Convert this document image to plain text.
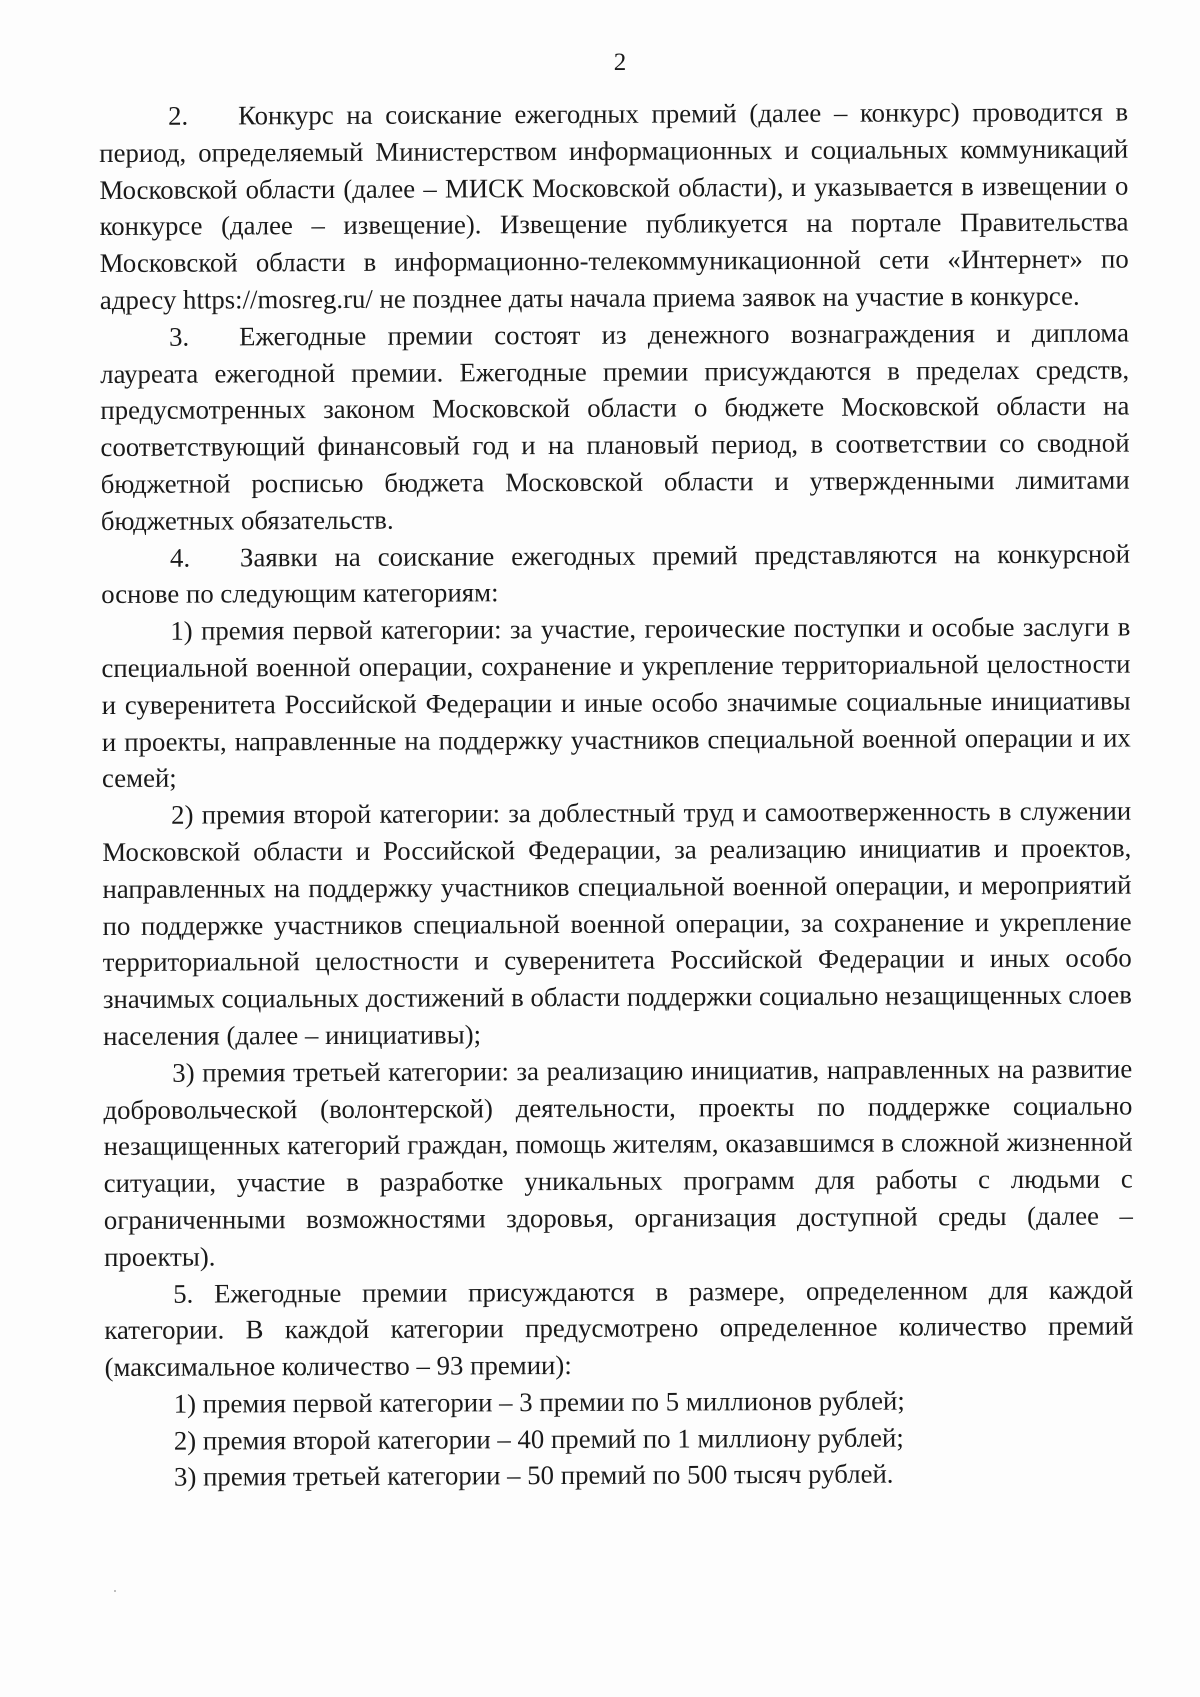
2

2. Конкурс на соискание ежегодных премий (далее – конкурс) проводится в период, определяемый Министерством информационных и социальных коммуникаций Московской области (далее – МИСК Московской области), и указывается в извещении о конкурсе (далее – извещение). Извещение публикуется на портале Правительства Московской области в информационно-телекоммуникационной сети «Интернет» по адресу https://mosreg.ru/ не позднее даты начала приема заявок на участие в конкурсе.

3. Ежегодные премии состоят из денежного вознаграждения и диплома лауреата ежегодной премии. Ежегодные премии присуждаются в пределах средств, предусмотренных законом Московской области о бюджете Московской области на соответствующий финансовый год и на плановый период, в соответствии со сводной бюджетной росписью бюджета Московской области и утвержденными лимитами бюджетных обязательств.

4. Заявки на соискание ежегодных премий представляются на конкурсной основе по следующим категориям:

1) премия первой категории: за участие, героические поступки и особые заслуги в специальной военной операции, сохранение и укрепление территориальной целостности и суверенитета Российской Федерации и иные особо значимые социальные инициативы и проекты, направленные на поддержку участников специальной военной операции и их семей;

2) премия второй категории: за доблестный труд и самоотверженность в служении Московской области и Российской Федерации, за реализацию инициатив и проектов, направленных на поддержку участников специальной военной операции, и мероприятий по поддержке участников специальной военной операции, за сохранение и укрепление территориальной целостности и суверенитета Российской Федерации и иных особо значимых социальных достижений в области поддержки социально незащищенных слоев населения (далее – инициативы);

3) премия третьей категории: за реализацию инициатив, направленных на развитие добровольческой (волонтерской) деятельности, проекты по поддержке социально незащищенных категорий граждан, помощь жителям, оказавшимся в сложной жизненной ситуации, участие в разработке уникальных программ для работы с людьми с ограниченными возможностями здоровья, организация доступной среды (далее – проекты).

5. Ежегодные премии присуждаются в размере, определенном для каждой категории. В каждой категории предусмотрено определенное количество премий (максимальное количество – 93 премии):

1) премия первой категории – 3 премии по 5 миллионов рублей;

2) премия второй категории – 40 премий по 1 миллиону рублей;

3) премия третьей категории – 50 премий по 500 тысяч рублей.
